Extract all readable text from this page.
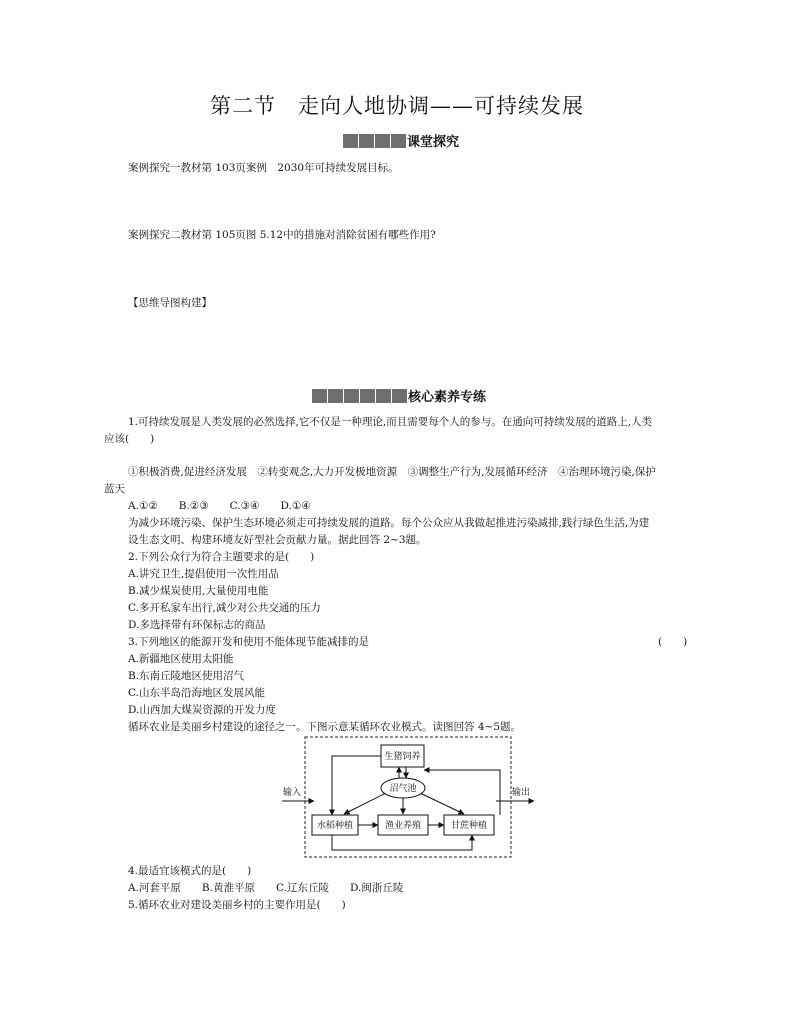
第二节　走向人地协调——可持续发展
课堂探究
案例探究一教材第 103页案例　2030年可持续发展目标。
案例探究二教材第 105页图 5.12中的措施对消除贫困有哪些作用?
【思维导图构建】
核心素养专练
1.可持续发展是人类发展的必然选择,它不仅是一种理论,而且需要每个人的参与。在通向可持续发展的道路上,人类
应该(　　)
①积极消费,促进经济发展　②转变观念,大力开发极地资源　③调整生产行为,发展循环经济　④治理环境污染,保护
蓝天
A.①②　　B.②③　　C.③④　　D.①④
为减少环境污染、保护生态环境必须走可持续发展的道路。每个公众应从我做起推进污染减排,践行绿色生活,为建
设生态文明、构建环境友好型社会贡献力量。据此回答 2~3题。
2.下列公众行为符合主题要求的是(　　)
A.讲究卫生,提倡使用一次性用品
B.减少煤炭使用,大量使用电能
C.多开私家车出行,减少对公共交通的压力
D.多选择带有环保标志的商品
3.下列地区的能源开发和使用不能体现节能减排的是	(　　)
A.新疆地区使用太阳能
B.东南丘陵地区使用沼气
C.山东半岛沿海地区发展风能
D.山西加大煤炭资源的开发力度
循环农业是美丽乡村建设的途径之一。下图示意某循环农业模式。读图回答 4~5题。
生猪饲养
沼气池
水稻种植	渔业养殖	甘蔗种植
输入	输出
4.最适宜该模式的是(　　)
A.河套平原　　B.黄淮平原　　C.辽东丘陵　　D.闽浙丘陵
5.循环农业对建设美丽乡村的主要作用是(　　)
